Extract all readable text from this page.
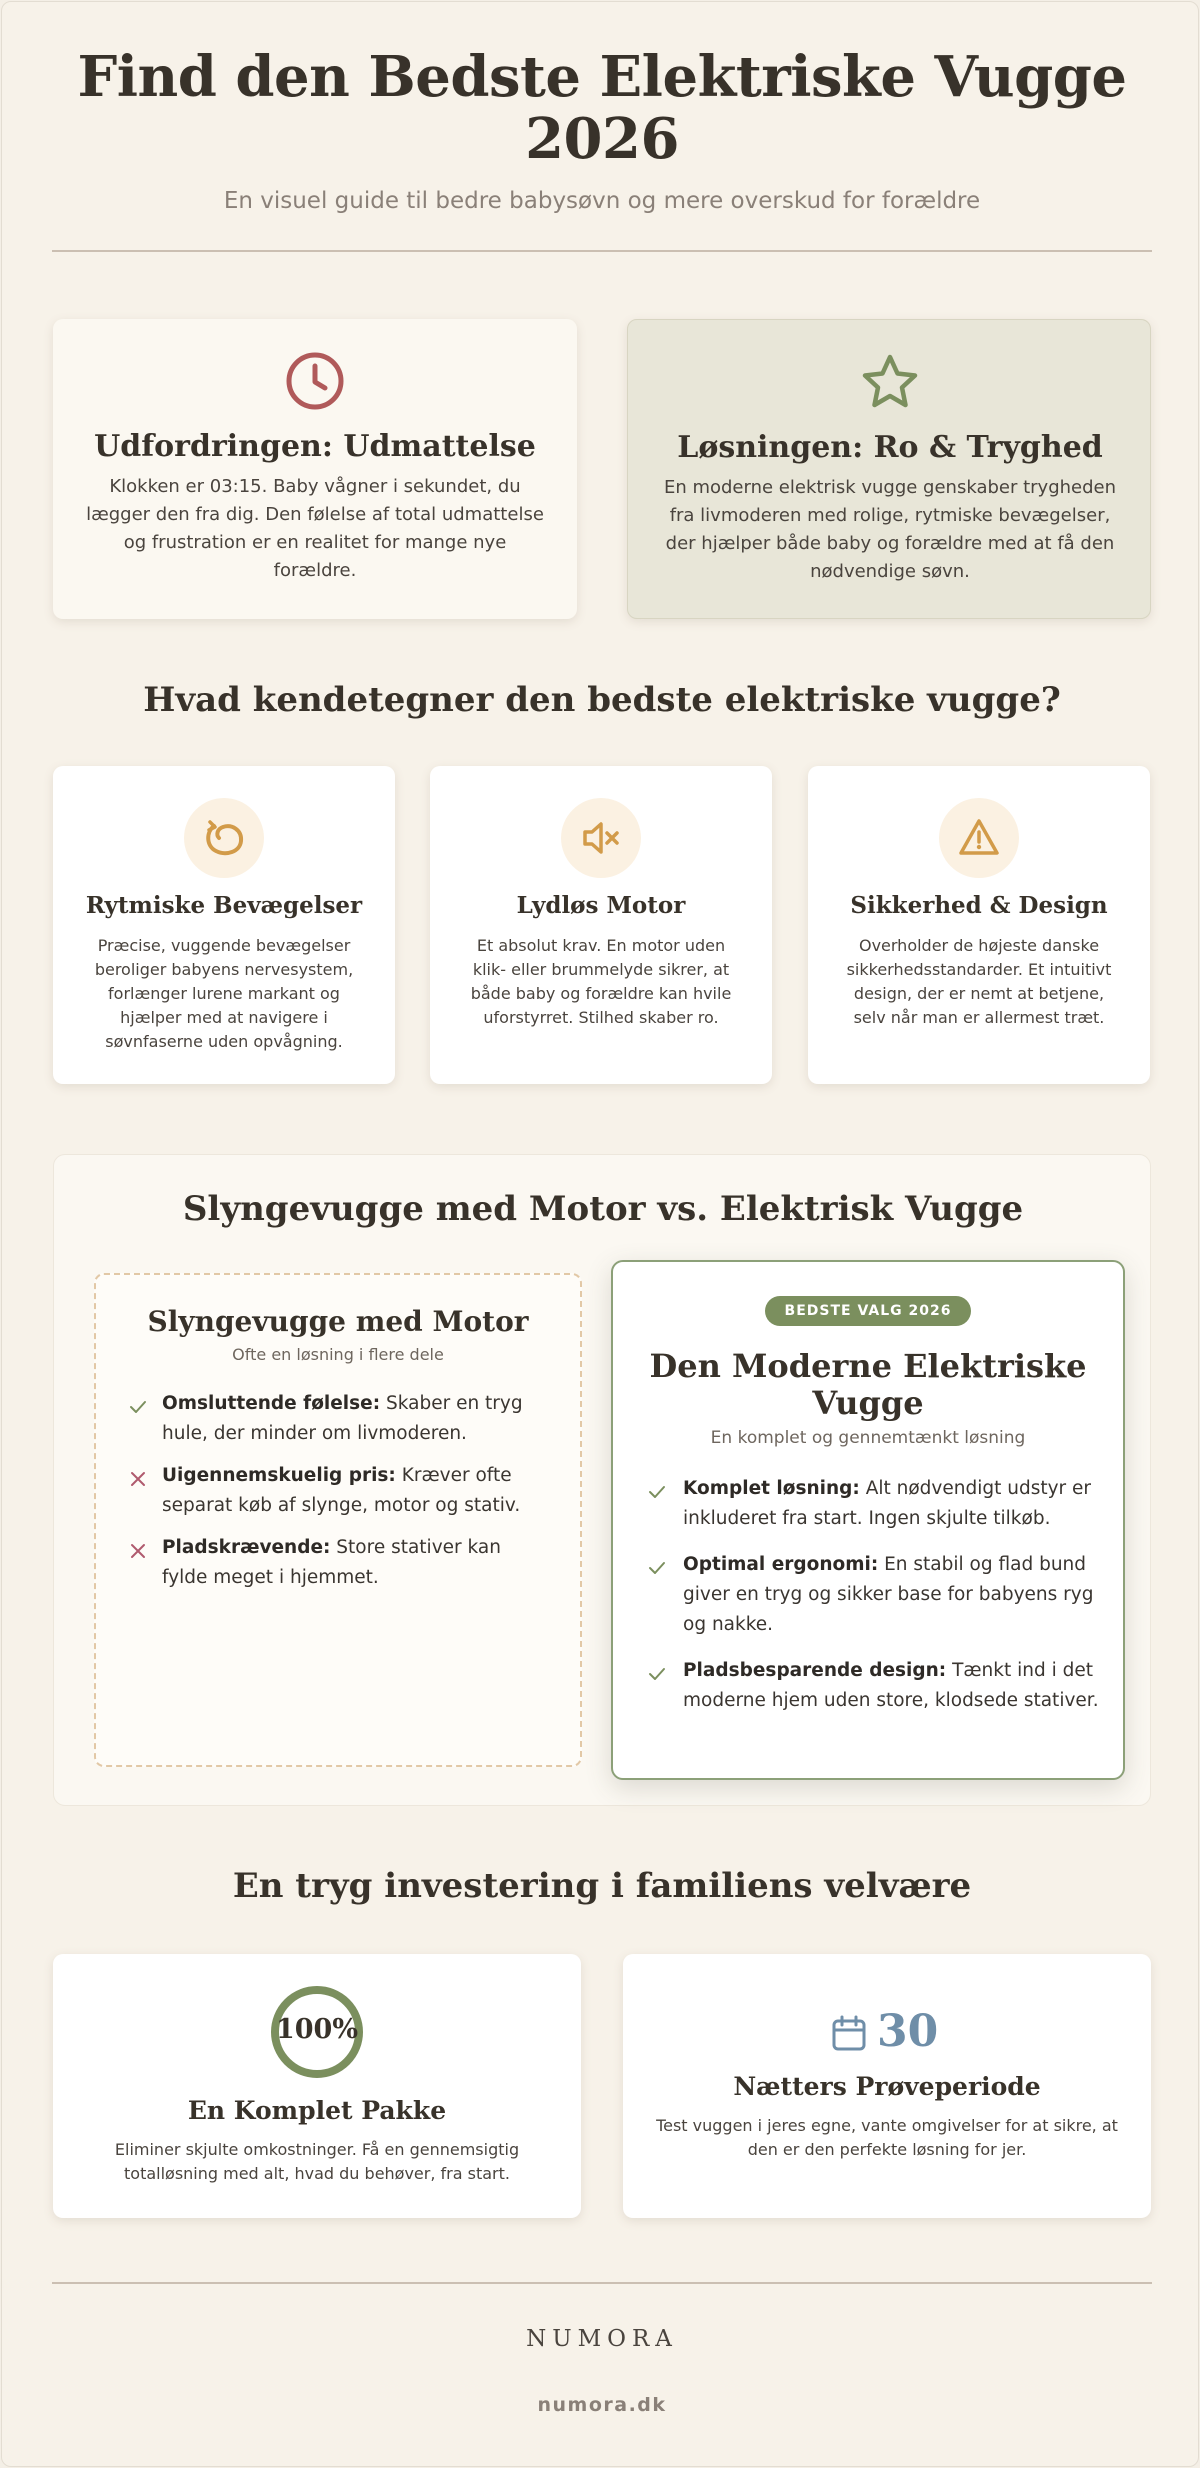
Find den Bedste Elektriske Vugge 2026
En visuel guide til bedre babysøvn og mere overskud for forældre
Udfordringen: Udmattelse
Klokken er 03:15. Baby vågner i sekundet, du lægger den fra dig. Den følelse af total udmattelse og frustration er en realitet for mange nye forældre.
Løsningen: Ro & Tryghed
En moderne elektrisk vugge genskaber trygheden fra livmoderen med rolige, rytmiske bevægelser, der hjælper både baby og forældre med at få den nødvendige søvn.
Hvad kendetegner den bedste elektriske vugge?
Rytmiske Bevægelser
Præcise, vuggende bevægelser beroliger babyens nervesystem, forlænger lurene markant og hjælper med at navigere i søvnfaserne uden opvågning.
Lydløs Motor
Et absolut krav. En motor uden klik- eller brummelyde sikrer, at både baby og forældre kan hvile uforstyrret. Stilhed skaber ro.
Sikkerhed & Design
Overholder de højeste danske sikkerhedsstandarder. Et intuitivt design, der er nemt at betjene, selv når man er allermest træt.
Slyngevugge med Motor vs. Elektrisk Vugge
Slyngevugge med Motor
Ofte en løsning i flere dele
Omsluttende følelse: Skaber en tryg hule, der minder om livmoderen.
Uigennemskuelig pris: Kræver ofte separat køb af slynge, motor og stativ.
Pladskrævende: Store stativer kan fylde meget i hjemmet.
BEDSTE VALG 2026
Den Moderne Elektriske Vugge
En komplet og gennemtænkt løsning
Komplet løsning: Alt nødvendigt udstyr er inkluderet fra start. Ingen skjulte tilkøb.
Optimal ergonomi: En stabil og flad bund giver en tryg og sikker base for babyens ryg og nakke.
Pladsbesparende design: Tænkt ind i det moderne hjem uden store, klodsede stativer.
En tryg investering i familiens velvære
100%
En Komplet Pakke
Eliminer skjulte omkostninger. Få en gennemsigtig totalløsning med alt, hvad du behøver, fra start.
30
Nætters Prøveperiode
Test vuggen i jeres egne, vante omgivelser for at sikre, at den er den perfekte løsning for jer.
NUMORA
numora.dk
